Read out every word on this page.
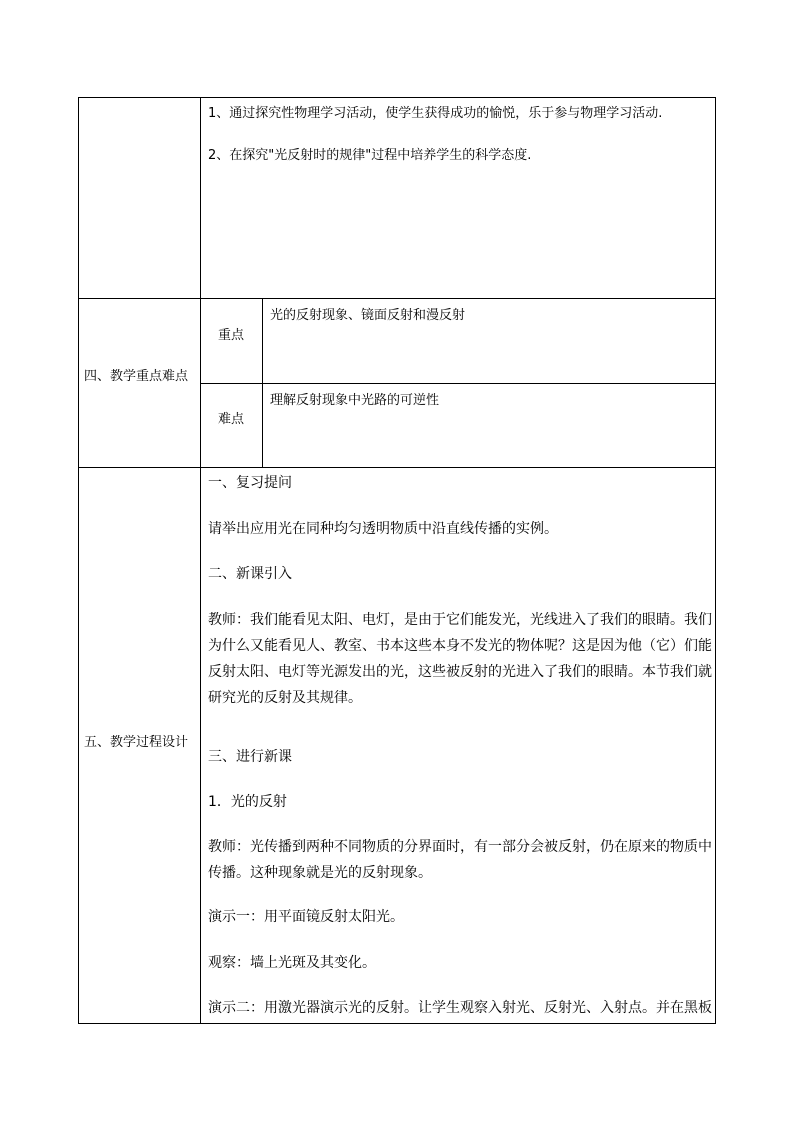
1、通过探究性物理学习活动，使学生获得成功的愉悦，乐于参与物理学习活动.
2、在探究"光反射时的规律"过程中培养学生的科学态度.
四、教学重点难点
重点
光的反射现象、镜面反射和漫反射
难点
理解反射现象中光路的可逆性
五、教学过程设计
一、复习提问
请举出应用光在同种均匀透明物质中沿直线传播的实例。
二、新课引入
教师：我们能看见太阳、电灯，是由于它们能发光，光线进入了我们的眼睛。我们为什么又能看见人、教室、书本这些本身不发光的物体呢？这是因为他（它）们能反射太阳、电灯等光源发出的光，这些被反射的光进入了我们的眼睛。本节我们就研究光的反射及其规律。
三、进行新课
1．光的反射
教师：光传播到两种不同物质的分界面时，有一部分会被反射，仍在原来的物质中传播。这种现象就是光的反射现象。
演示一：用平面镜反射太阳光。
观察：墙上光斑及其变化。
演示二：用激光器演示光的反射。让学生观察入射光、反射光、入射点。并在黑板
